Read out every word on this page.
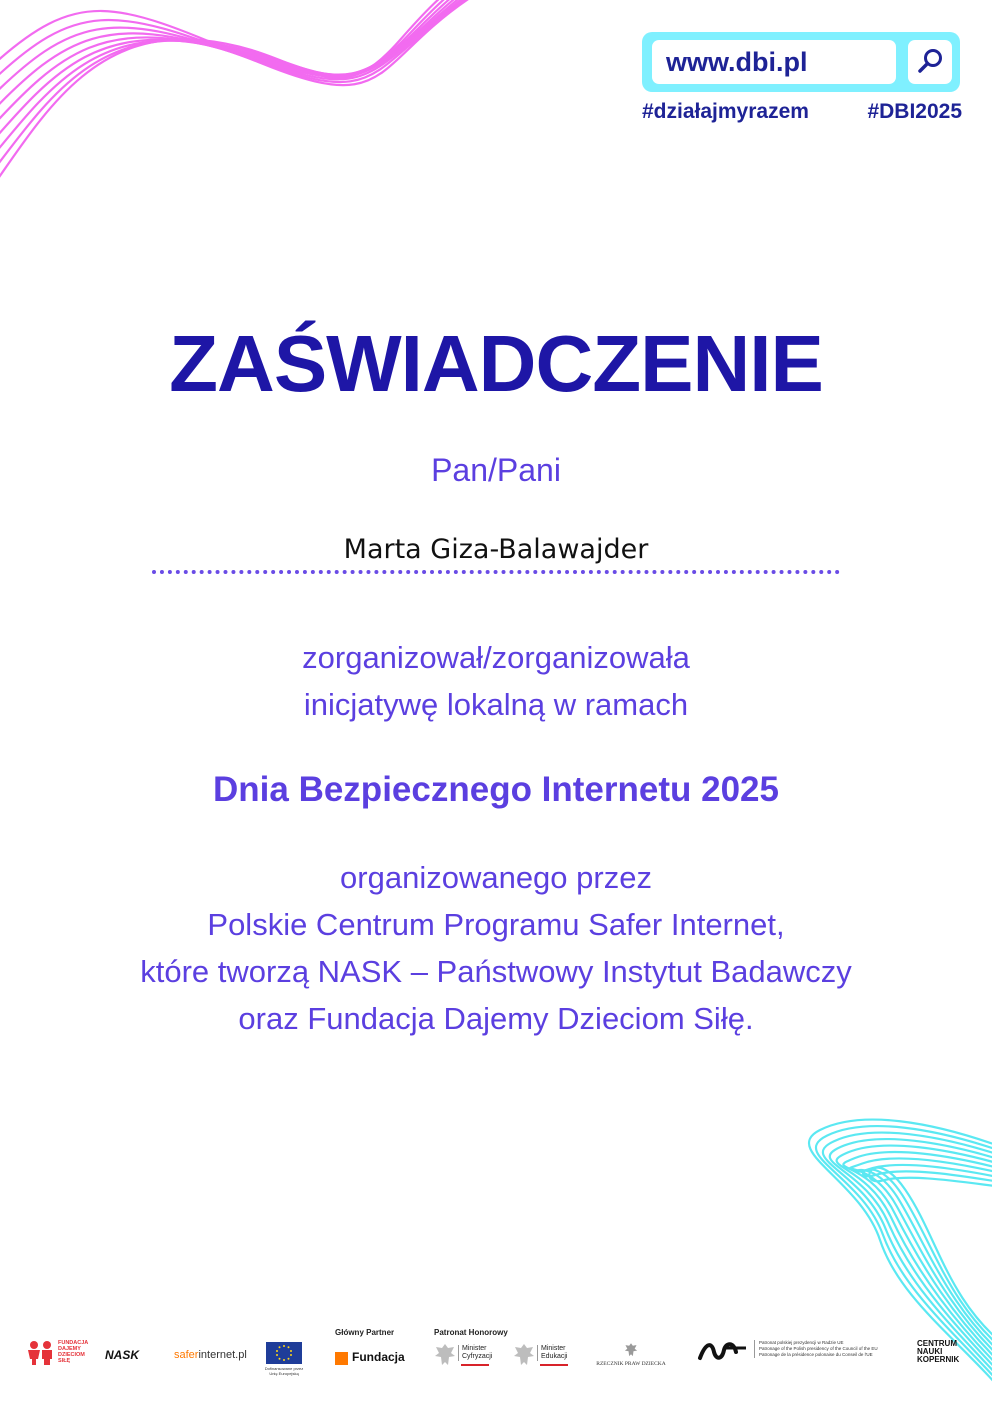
www.dbi.pl
#działajmyrazem	#DBI2025
ZAŚWIADCZENIE
Pan/Pani
Marta Giza-Balawajder
zorganizował/zorganizowała
inicjatywę lokalną w ramach
Dnia Bezpiecznego Internetu 2025
organizowanego przez
Polskie Centrum Programu Safer Internet,
które tworzą NASK – Państwowy Instytut Badawczy
oraz Fundacja Dajemy Dzieciom Siłę.
FUNDACJA
DAJEMY
DZIECIOM
SIŁĘ	NASK	saferinternet.pl
Dofinansowane przez
Unię Europejską
Główny Partner
Fundacja
Patronat Honorowy
Minister
Cyfryzacji
Minister
Edukacji
RZECZNIK PRAW DZIECKA
Patronat polskiej prezydencji w Radzie UE
Patronage of the Polish presidency of the Council of the EU
Patronage de la présidence polonaise du Conseil de l'UE
CENTRUM
NAUKI
KOPERNIK
